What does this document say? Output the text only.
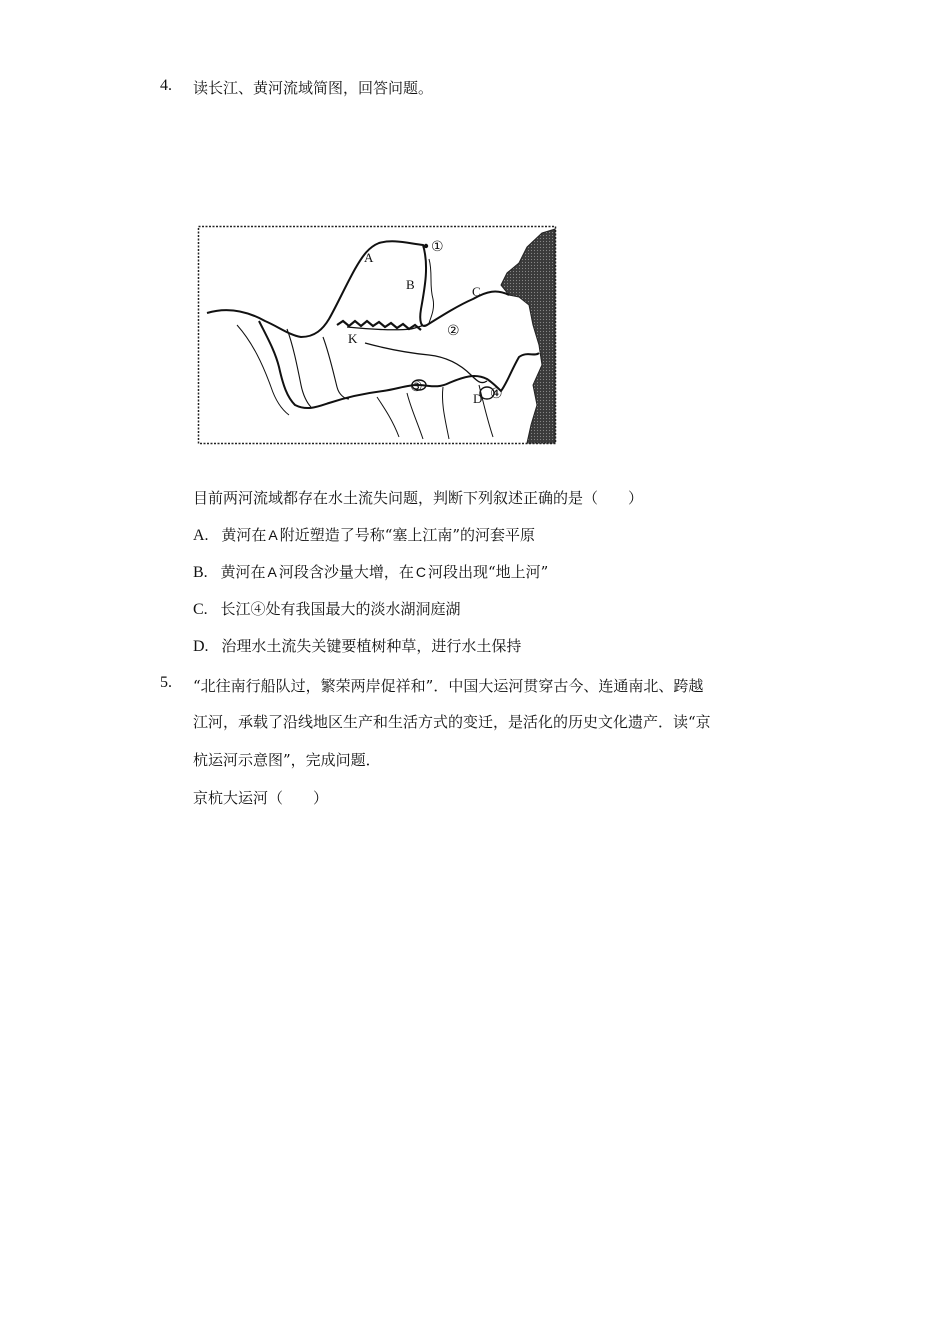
4. 读长江、黄河流域简图，回答问题。
A
B	C
K
D
①
②
③	④
目前两河流域都存在水土流失问题，判断下列叙述正确的是（　　）
A. 黄河在 A 附近塑造了号称“塞上江南”的河套平原
B. 黄河在 A 河段含沙量大增，在 C 河段出现“地上河”
C. 长江④处有我国最大的淡水湖洞庭湖
D. 治理水土流失关键要植树种草，进行水土保持
5. “北往南行船队过，繁荣两岸促祥和”．中国大运河贯穿古今、连通南北、跨越
江河，承载了沿线地区生产和生活方式的变迁，是活化的历史文化遗产．读“京
杭运河示意图”，完成问题．
京杭大运河（　　）
